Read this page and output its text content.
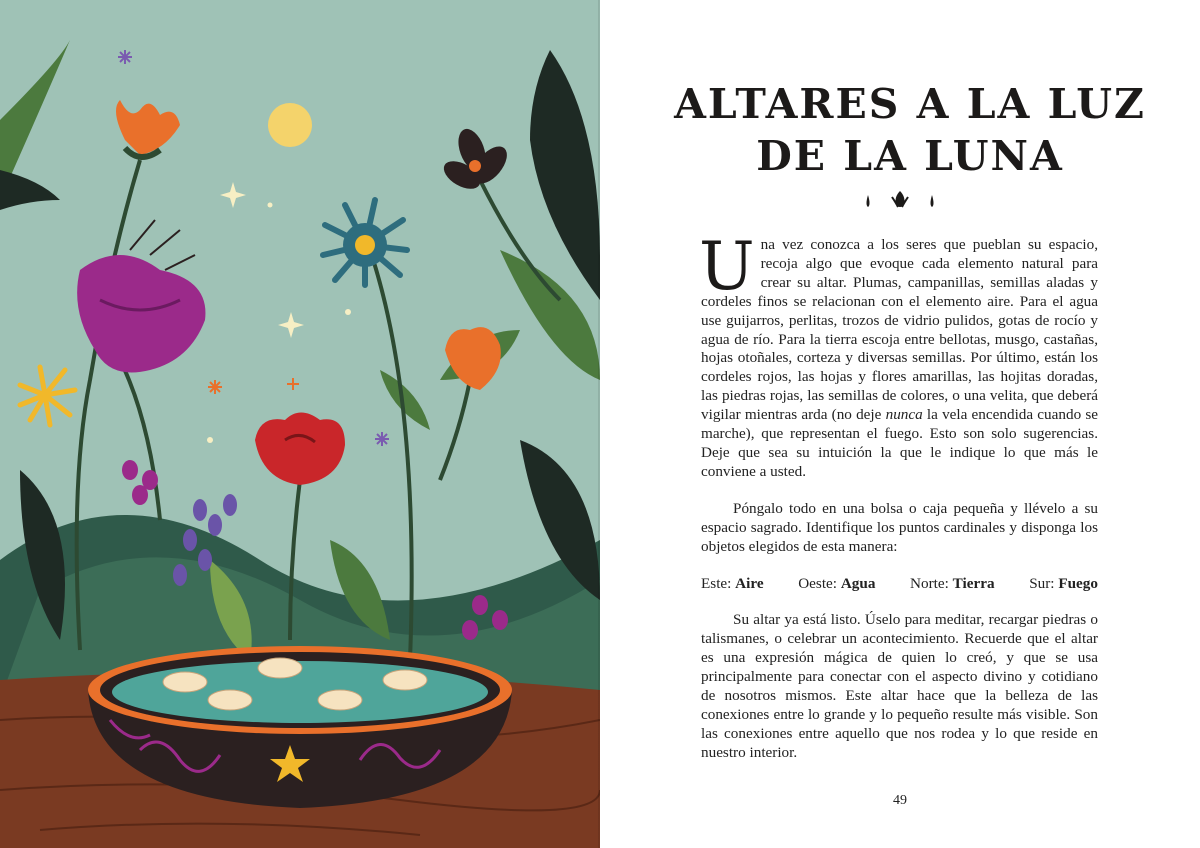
ALTARES A LA LUZ
DE LA LUNA

Una vez conozca a los seres que pueblan su espacio, recoja algo que evoque cada elemento natural para crear su altar. Plumas, campanillas, semillas aladas y cordeles finos se relacionan con el elemento aire. Para el agua use guijarros, perlitas, trozos de vidrio pulidos, gotas de rocío y agua de río. Para la tierra escoja entre bellotas, musgo, castañas, hojas otoñales, corteza y diversas semillas. Por último, están los cordeles rojos, las hojas y flores amarillas, las hojitas doradas, las piedras rojas, las semillas de colores, o una velita, que deberá vigilar mientras arda (no deje nunca la vela encendida cuando se marche), que representan el fuego. Esto son solo sugerencias. Deje que sea su intuición la que le indique lo que más le conviene a usted.

Póngalo todo en una bolsa o caja pequeña y llévelo a su espacio sagrado. Identifique los puntos cardinales y disponga los objetos elegidos de esta manera:

Este: Aire Oeste: Agua Norte: Tierra Sur: Fuego

Su altar ya está listo. Úselo para meditar, recargar piedras o talismanes, o celebrar un acontecimiento. Recuerde que el altar es una expresión mágica de quien lo creó, y que se usa principalmente para conectar con el aspecto divino y cotidiano de nosotros mismos. Este altar hace que la belleza de las conexiones entre lo grande y lo pequeño resulte más visible. Son las conexiones entre aquello que nos rodea y lo que reside en nuestro interior.

49
